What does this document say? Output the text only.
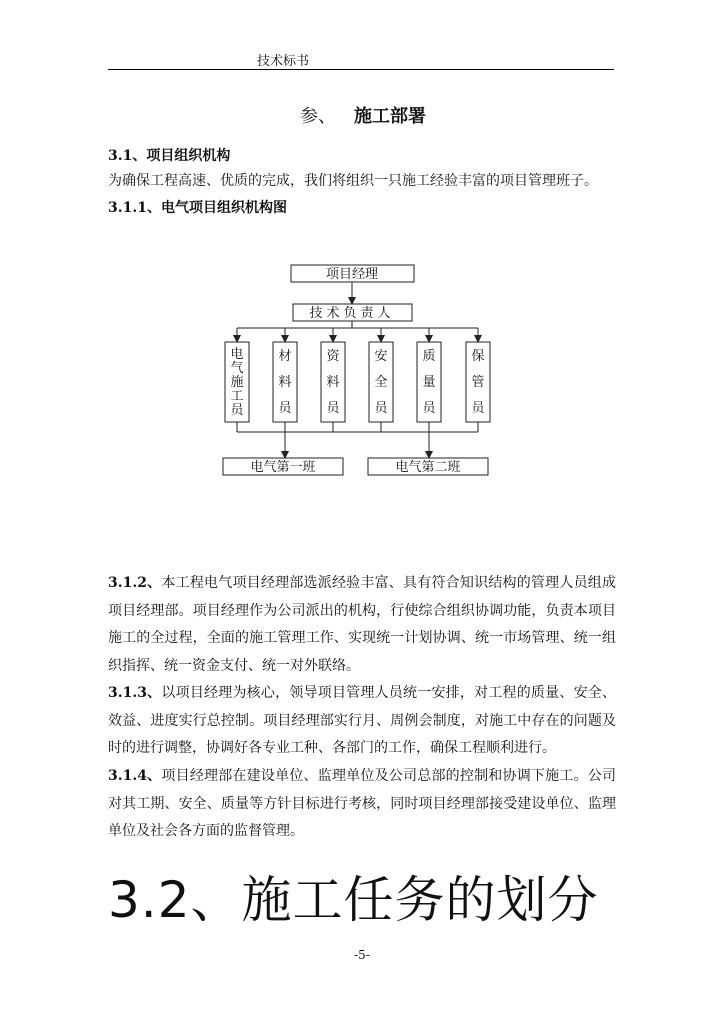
技术标书
参、 施工部署
3.1、项目组织机构
为确保工程高速、优质的完成，我们将组织一只施工经验丰富的项目管理班子。
3.1.1、电气项目组织机构图
项目经理
技术负责人
电气施工员
材料员
资料员
安全员
质量员
保管员
电气第一班	电气第二班
3.1.2、本工程电气项目经理部选派经验丰富、具有符合知识结构的管理人员组成项目经理部。项目经理作为公司派出的机构，行使综合组织协调功能，负责本项目施工的全过程，全面的施工管理工作、实现统一计划协调、统一市场管理、统一组织指挥、统一资金支付、统一对外联络。
3.1.3、以项目经理为核心，领导项目管理人员统一安排，对工程的质量、安全、效益、进度实行总控制。项目经理部实行月、周例会制度，对施工中存在的问题及时的进行调整，协调好各专业工种、各部门的工作，确保工程顺利进行。
3.1.4、项目经理部在建设单位、监理单位及公司总部的控制和协调下施工。公司对其工期、安全、质量等方针目标进行考核，同时项目经理部接受建设单位、监理单位及社会各方面的监督管理。
3.2、施工任务的划分
-5-
